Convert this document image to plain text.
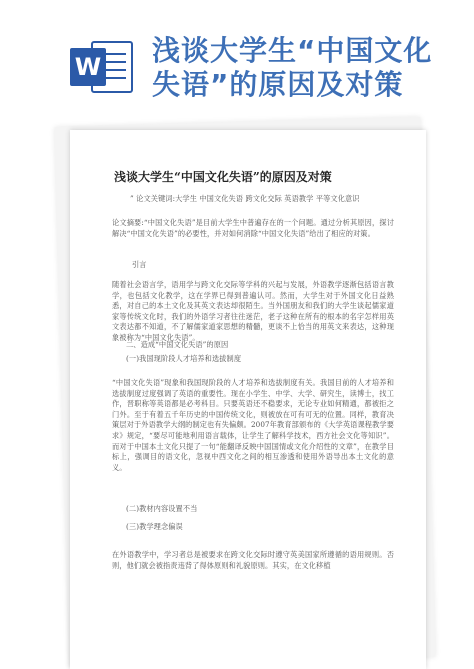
W 浅谈大学生“中国文化失语”的原因及对策
浅谈大学生“中国文化失语”的原因及对策
” 论文关键词:大学生 中国文化失语 跨文化交际 英语教学 平等文化意识
论文摘要:“中国文化失语”是目前大学生中普遍存在的一个问题。通过分析其原因，探讨解决“中国文化失语”的必要性，并对如何消除“中国文化失语”给出了相应的对策。
引言
随着社会语言学，语用学与跨文化交际等学科的兴起与发展，外语教学逐渐包括语言教学，也包括文化教学，这在学界已得到普遍认可。然而，大学生对于外国文化日益熟悉，对自己的本土文化及其英文表达却很陌生。当外国朋友和我们的大学生谈起儒家道家等传统文化时，我们的外语学习者往往迷茫，老子这种在所有的根本的名字怎样用英文表达都不知道，不了解儒家道家思想的精髓，更谈不上恰当的用英文来表达，这种现象被称为“中国文化失语”。
二、造成“中国文化失语”的原因
(一)我国现阶段人才培养和选拔制度
“中国文化失语”现象和我国现阶段的人才培养和选拔制度有关。我国目前的人才培养和选拔制度过度强调了英语的重要性。现在小学生、中学、大学、研究生，读博士，找工作，晋职称等英语都是必考科目。只要英语还不稳要求，无论专业如何精通，都被拒之门外。至于有着五千年历史的中国传统文化，则被放在可有可无的位置。同样，教育决策层对于外语教学大纲的制定也有失偏颇。2007年教育部颁布的《大学英语课程教学要求》规定，“要尽可能地利用语言载体，让学生了解科学技术，西方社会文化等知识”。而对于中国本土文化只提了一句“能翻译反映中国国情或文化介绍性的文章”，在教学目标上，强调目的语文化，忽视中西文化之间的相互渗透和使用外语导出本土文化的意义。
(二)教材内容设置不当
(三)教学理念偏误
在外语教学中，学习者总是被要求在跨文化交际时遵守英美国家所遵循的语用规则。否则，他们就会被指责违背了得体原则和礼貌原则。其实，在文化移植
